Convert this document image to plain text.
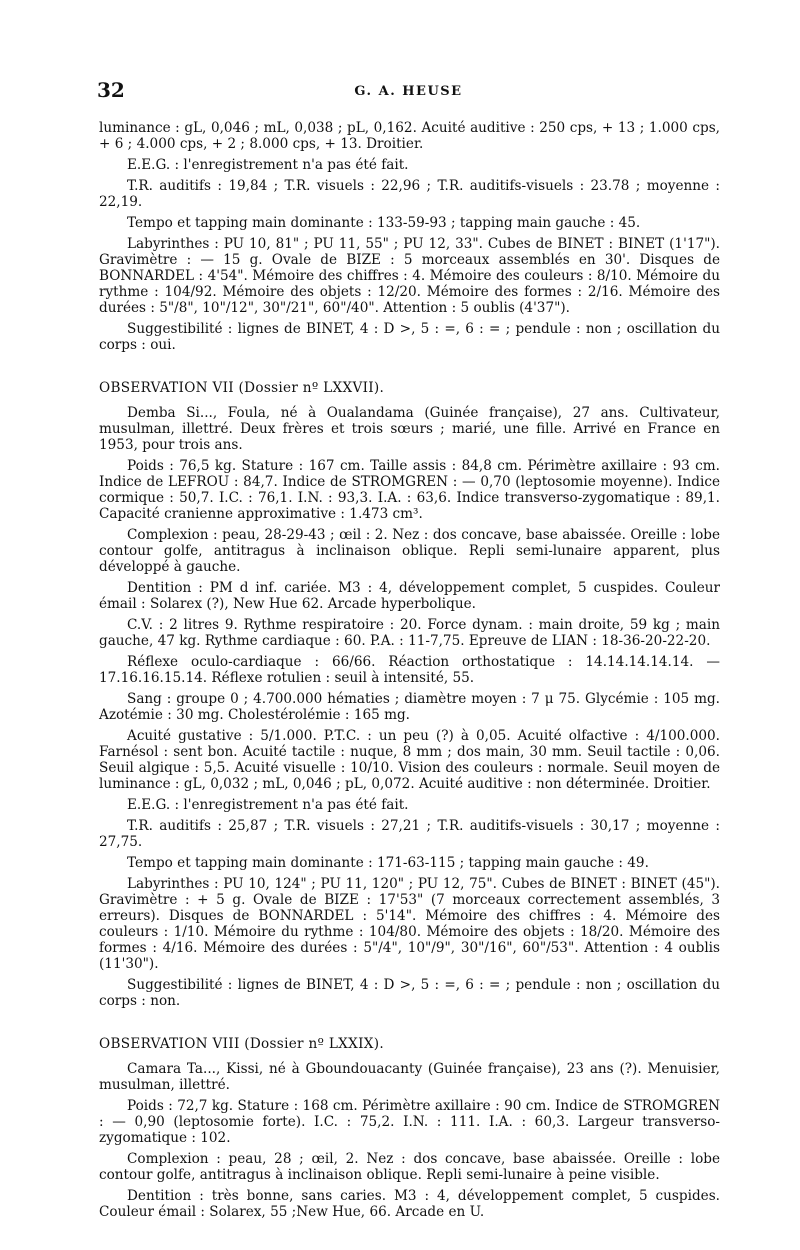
32	G. A. HEUSE

luminance : gL, 0,046 ; mL, 0,038 ; pL, 0,162. Acuité auditive : 250 cps, + 13 ; 1.000 cps, + 6 ; 4.000 cps, + 2 ; 8.000 cps, + 13. Droitier.

E.E.G. : l'enregistrement n'a pas été fait.

T.R. auditifs : 19,84 ; T.R. visuels : 22,96 ; T.R. auditifs-visuels : 23.78 ; moyenne : 22,19.

Tempo et tapping main dominante : 133-59-93 ; tapping main gauche : 45.

Labyrinthes : PU 10, 81" ; PU 11, 55" ; PU 12, 33". Cubes de BINET : BINET (1'17"). Gravimètre : — 15 g. Ovale de BIZE : 5 morceaux assemblés en 30'. Disques de BONNARDEL : 4'54". Mémoire des chiffres : 4. Mémoire des couleurs : 8/10. Mémoire du rythme : 104/92. Mémoire des objets : 12/20. Mémoire des formes : 2/16. Mémoire des durées : 5"/8", 10"/12", 30"/21", 60"/40". Attention : 5 oublis (4'37").

Suggestibilité : lignes de BINET, 4 : D >, 5 : =, 6 : = ; pendule : non ; oscillation du corps : oui.

OBSERVATION VII (Dossier nº LXXVII).

Demba Si..., Foula, né à Oualandama (Guinée française), 27 ans. Cultivateur, musulman, illettré. Deux frères et trois sœurs ; marié, une fille. Arrivé en France en 1953, pour trois ans.

Poids : 76,5 kg. Stature : 167 cm. Taille assis : 84,8 cm. Périmètre axillaire : 93 cm. Indice de LEFROU : 84,7. Indice de STROMGREN : — 0,70 (leptosomie moyenne). Indice cormique : 50,7. I.C. : 76,1. I.N. : 93,3. I.A. : 63,6. Indice transverso-zygomatique : 89,1. Capacité cranienne approximative : 1.473 cm³.

Complexion : peau, 28-29-43 ; œil : 2. Nez : dos concave, base abaissée. Oreille : lobe contour golfe, antitragus à inclinaison oblique. Repli semi-lunaire apparent, plus développé à gauche.

Dentition : PM d inf. cariée. M3 : 4, développement complet, 5 cuspides. Couleur émail : Solarex (?), New Hue 62. Arcade hyperbolique.

C.V. : 2 litres 9. Rythme respiratoire : 20. Force dynam. : main droite, 59 kg ; main gauche, 47 kg. Rythme cardiaque : 60. P.A. : 11-7,75. Epreuve de LIAN : 18-36-20-22-20.

Réflexe oculo-cardiaque : 66/66. Réaction orthostatique : 14.14.14.14.14. — 17.16.16.15.14. Réflexe rotulien : seuil à intensité, 55.

Sang : groupe 0 ; 4.700.000 hématies ; diamètre moyen : 7 μ 75. Glycémie : 105 mg. Azotémie : 30 mg. Cholestérolémie : 165 mg.

Acuité gustative : 5/1.000. P.T.C. : un peu (?) à 0,05. Acuité olfactive : 4/100.000. Farnésol : sent bon. Acuité tactile : nuque, 8 mm ; dos main, 30 mm. Seuil tactile : 0,06. Seuil algique : 5,5. Acuité visuelle : 10/10. Vision des couleurs : normale. Seuil moyen de luminance : gL, 0,032 ; mL, 0,046 ; pL, 0,072. Acuité auditive : non déterminée. Droitier.

E.E.G. : l'enregistrement n'a pas été fait.

T.R. auditifs : 25,87 ; T.R. visuels : 27,21 ; T.R. auditifs-visuels : 30,17 ; moyenne : 27,75.

Tempo et tapping main dominante : 171-63-115 ; tapping main gauche : 49.

Labyrinthes : PU 10, 124" ; PU 11, 120" ; PU 12, 75". Cubes de BINET : BINET (45"). Gravimètre : + 5 g. Ovale de BIZE : 17'53" (7 morceaux correctement assemblés, 3 erreurs). Disques de BONNARDEL : 5'14". Mémoire des chiffres : 4. Mémoire des couleurs : 1/10. Mémoire du rythme : 104/80. Mémoire des objets : 18/20. Mémoire des formes : 4/16. Mémoire des durées : 5"/4", 10"/9", 30"/16", 60"/53". Attention : 4 oublis (11'30").

Suggestibilité : lignes de BINET, 4 : D >, 5 : =, 6 : = ; pendule : non ; oscillation du corps : non.

OBSERVATION VIII (Dossier nº LXXIX).

Camara Ta..., Kissi, né à Gboundouacanty (Guinée française), 23 ans (?). Menuisier, musulman, illettré.

Poids : 72,7 kg. Stature : 168 cm. Périmètre axillaire : 90 cm. Indice de STROMGREN : — 0,90 (leptosomie forte). I.C. : 75,2. I.N. : 111. I.A. : 60,3. Largeur transverso-zygomatique : 102.

Complexion : peau, 28 ; œil, 2. Nez : dos concave, base abaissée. Oreille : lobe contour golfe, antitragus à inclinaison oblique. Repli semi-lunaire à peine visible.

Dentition : très bonne, sans caries. M3 : 4, développement complet, 5 cuspides. Couleur émail : Solarex, 55 ;New Hue, 66. Arcade en U.
